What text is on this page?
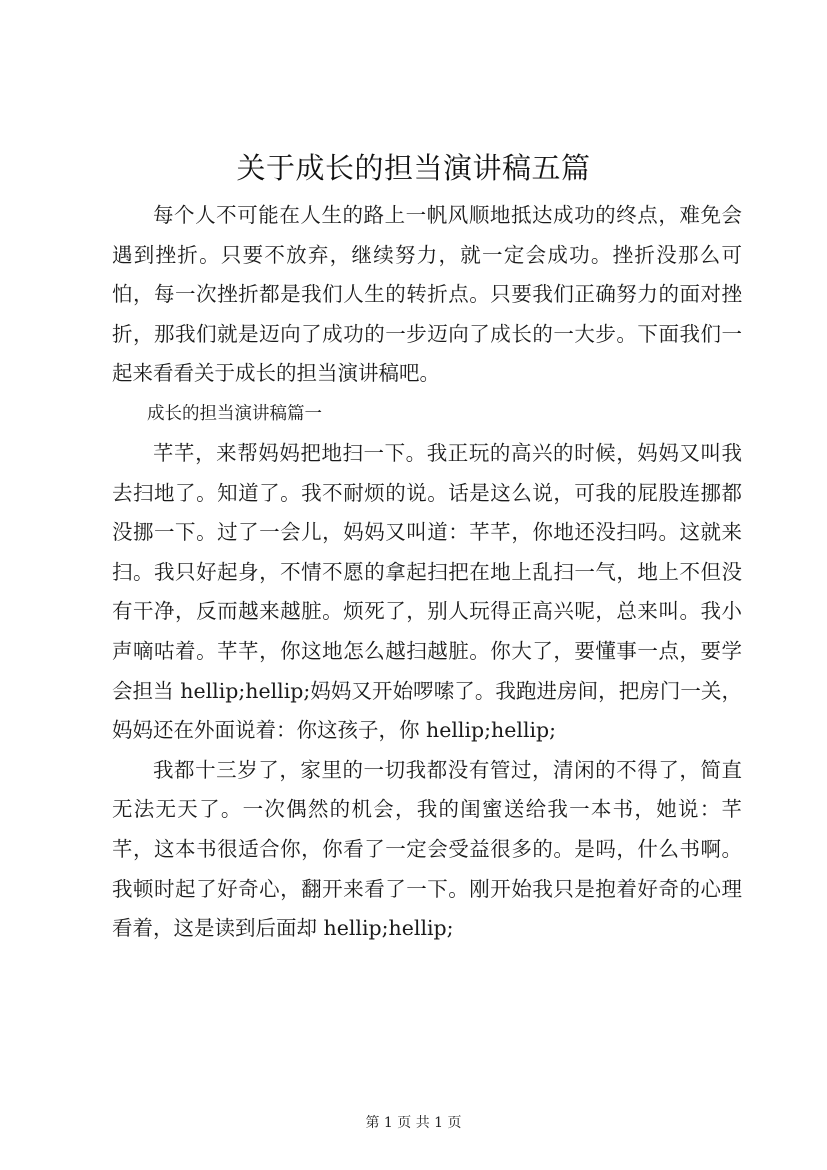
关于成长的担当演讲稿五篇

每个人不可能在人生的路上一帆风顺地抵达成功的终点，难免会遇到挫折。只要不放弃，继续努力，就一定会成功。挫折没那么可怕，每一次挫折都是我们人生的转折点。只要我们正确努力的面对挫折，那我们就是迈向了成功的一步迈向了成长的一大步。下面我们一起来看看关于成长的担当演讲稿吧。

成长的担当演讲稿篇一

芊芊，来帮妈妈把地扫一下。我正玩的高兴的时候，妈妈又叫我去扫地了。知道了。我不耐烦的说。话是这么说，可我的屁股连挪都没挪一下。过了一会儿，妈妈又叫道：芊芊，你地还没扫吗。这就来扫。我只好起身，不情不愿的拿起扫把在地上乱扫一气，地上不但没有干净，反而越来越脏。烦死了，别人玩得正高兴呢，总来叫。我小声嘀咕着。芊芊，你这地怎么越扫越脏。你大了，要懂事一点，要学会担当 hellip;hellip;妈妈又开始啰嗦了。我跑进房间，把房门一关，妈妈还在外面说着：你这孩子，你 hellip;hellip;

我都十三岁了，家里的一切我都没有管过，清闲的不得了，简直无法无天了。一次偶然的机会，我的闺蜜送给我一本书，她说：芊芊，这本书很适合你，你看了一定会受益很多的。是吗，什么书啊。我顿时起了好奇心，翻开来看了一下。刚开始我只是抱着好奇的心理看着，这是读到后面却 hellip;hellip;

第 1 页 共 1 页
